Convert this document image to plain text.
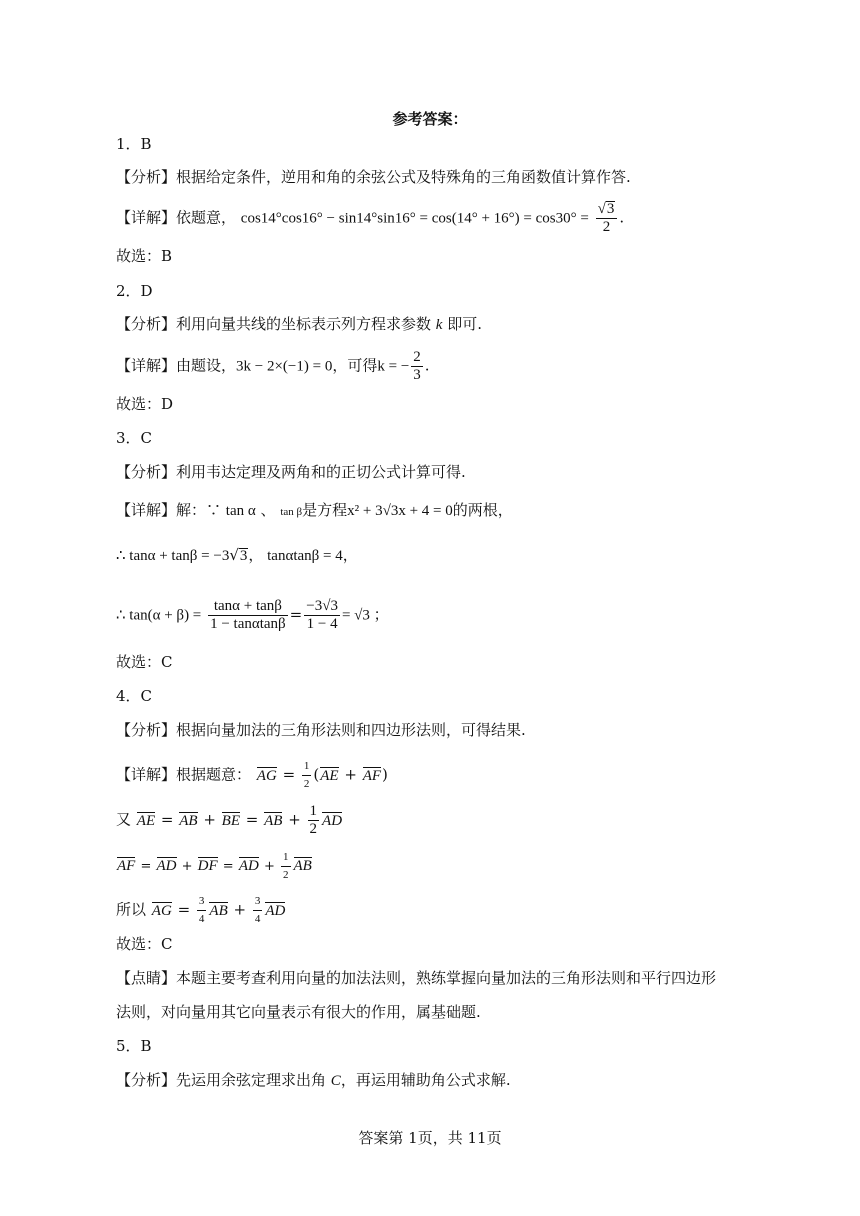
参考答案：
1．B
【分析】根据给定条件，逆用和角的余弦公式及特殊角的三角函数值计算作答.
【详解】依题意， $\cos 14^\circ\cos 16^\circ - \sin 14^\circ\sin 16^\circ = \cos(14^\circ + 16^\circ) = \cos 30^\circ = \frac{√3}{2}$ .
故选：B
2．D
【分析】利用向量共线的坐标表示列方程求参数 k 即可.
【详解】由题设，3k − 2×(−1) = 0，可得k = − $\frac{2}{3}$ .
故选：D
3．C
【分析】利用韦达定理及两角和的正切公式计算可得.
【详解】解：∵ tan α 、 tan β是方程x² + 3√3x + 4 = 0的两根，
∴ tanα + tanβ = −3√3， tanαtanβ = 4，
∴ $\tan(\alpha + \beta) = \frac{\tan\alpha + \tan\beta}{1 - \tan\alpha\tan\beta} = \frac{-3√3}{1 - 4} = √3$ ；
故选：C
4．C
【分析】根据向量加法的三角形法则和四边形法则，可得结果.
【详解】根据题意： AG = $\frac{1}{2} (AE + AF)$
又 AE = AB + BE = AB + $\frac{1}{2}$ AD
AF = AD + DF = AD + $\frac{1}{2}$ AB
所以 AG = $\frac{3}{4}$ AB + $\frac{3}{4}$ AD
故选：C
【点睛】本题主要考查利用向量的加法法则，熟练掌握向量加法的三角形法则和平行四边形
法则，对向量用其它向量表示有很大的作用，属基础题.
5．B
【分析】先运用余弦定理求出角 C，再运用辅助角公式求解.
答案第 1页，共 11页
